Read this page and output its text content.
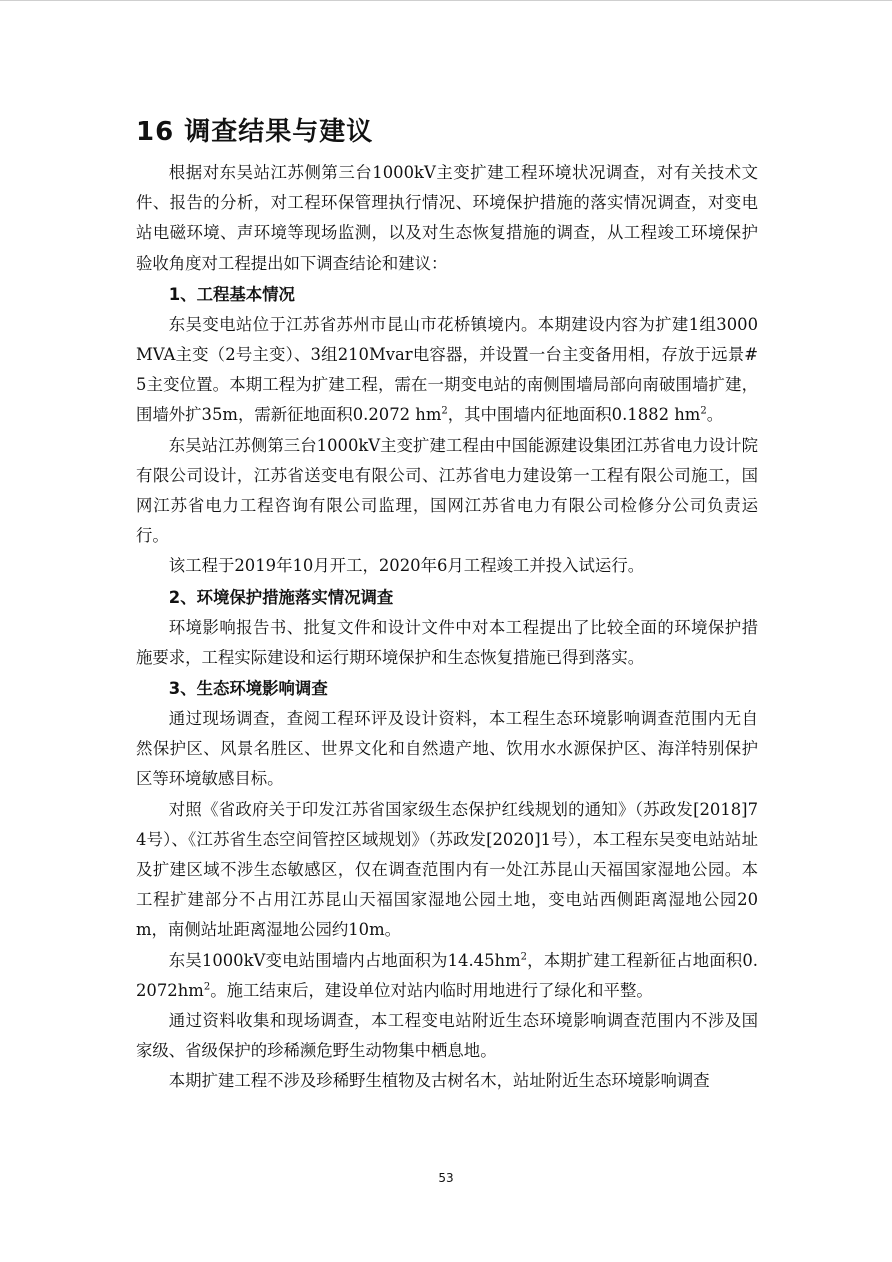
16 调查结果与建议

根据对东吴站江苏侧第三台1000kV主变扩建工程环境状况调查，对有关技术文件、报告的分析，对工程环保管理执行情况、环境保护措施的落实情况调查，对变电站电磁环境、声环境等现场监测，以及对生态恢复措施的调查，从工程竣工环境保护验收角度对工程提出如下调查结论和建议：

1、工程基本情况

东吴变电站位于江苏省苏州市昆山市花桥镇境内。本期建设内容为扩建1组3000MVA主变（2号主变）、3组210Mvar电容器，并设置一台主变备用相，存放于远景#5主变位置。本期工程为扩建工程，需在一期变电站的南侧围墙局部向南破围墙扩建，围墙外扩35m，需新征地面积0.2072 $hm^2$，其中围墙内征地面积0.1882 $hm^2$。

东吴站江苏侧第三台1000kV主变扩建工程由中国能源建设集团江苏省电力设计院有限公司设计，江苏省送变电有限公司、江苏省电力建设第一工程有限公司施工，国网江苏省电力工程咨询有限公司监理，国网江苏省电力有限公司检修分公司负责运行。

该工程于2019年10月开工，2020年6月工程竣工并投入试运行。

2、环境保护措施落实情况调查

环境影响报告书、批复文件和设计文件中对本工程提出了比较全面的环境保护措施要求，工程实际建设和运行期环境保护和生态恢复措施已得到落实。

3、生态环境影响调查

通过现场调查，查阅工程环评及设计资料，本工程生态环境影响调查范围内无自然保护区、风景名胜区、世界文化和自然遗产地、饮用水水源保护区、海洋特别保护区等环境敏感目标。

对照《省政府关于印发江苏省国家级生态保护红线规划的通知》（苏政发[2018]74号）、《江苏省生态空间管控区域规划》（苏政发[2020]1号），本工程东吴变电站站址及扩建区域不涉生态敏感区，仅在调查范围内有一处江苏昆山天福国家湿地公园。本工程扩建部分不占用江苏昆山天福国家湿地公园土地，变电站西侧距离湿地公园20m，南侧站址距离湿地公园约10m。

东吴1000kV变电站围墙内占地面积为$14.45hm^2$，本期扩建工程新征占地面积$0.2072hm^2$。施工结束后，建设单位对站内临时用地进行了绿化和平整。

通过资料收集和现场调查，本工程变电站附近生态环境影响调查范围内不涉及国家级、省级保护的珍稀濒危野生动物集中栖息地。

本期扩建工程不涉及珍稀野生植物及古树名木，站址附近生态环境影响调查

53
